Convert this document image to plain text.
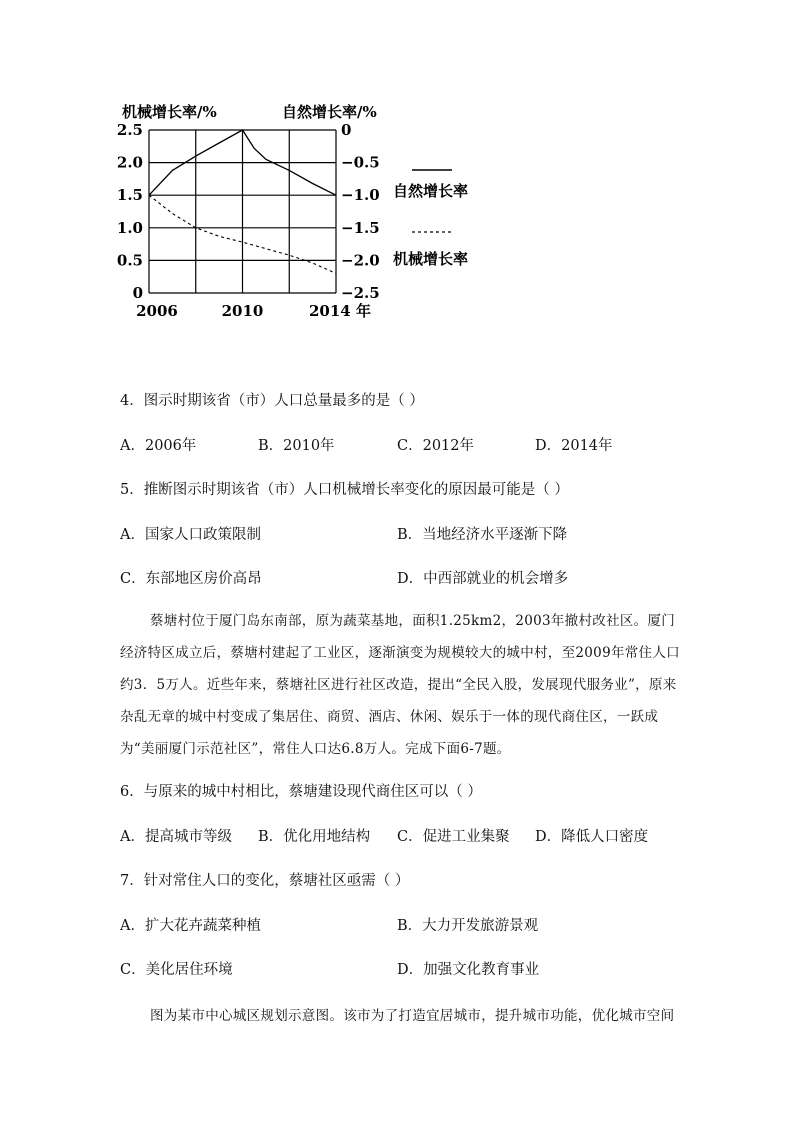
机械增长率/%	自然增长率/%
2.5
2.0
1.5
1.0
0.5
0
0
−0.5
−1.0
−1.5
−2.0
−2.5
2006	2010	2014 年
自然增长率
机械增长率
4．图示时期该省（市）人口总量最多的是（ ）
A．2006年	B．2010年	C．2012年	D．2014年
5．推断图示时期该省（市）人口机械增长率变化的原因最可能是（ ）
A．国家人口政策限制	B．当地经济水平逐渐下降
C．东部地区房价高昂	D．中西部就业的机会增多
蔡塘村位于厦门岛东南部，原为蔬菜基地，面积1.25km2，2003年撤村改社区。厦门经济特区成立后，蔡塘村建起了工业区，逐渐演变为规模较大的城中村，至2009年常住人口约3．5万人。近些年来，蔡塘社区进行社区改造，提出“全民入股，发展现代服务业”，原来杂乱无章的城中村变成了集居住、商贸、酒店、休闲、娱乐于一体的现代商住区，一跃成为“美丽厦门示范社区”，常住人口达6.8万人。完成下面6-7题。
6．与原来的城中村相比，蔡塘建设现代商住区可以（ ）
A．提高城市等级 B．优化用地结构 C．促进工业集聚 D．降低人口密度
7．针对常住人口的变化，蔡塘社区亟需（ ）
A．扩大花卉蔬菜种植	B．大力开发旅游景观
C．美化居住环境	D．加强文化教育事业
图为某市中心城区规划示意图。该市为了打造宜居城市，提升城市功能，优化城市空间
